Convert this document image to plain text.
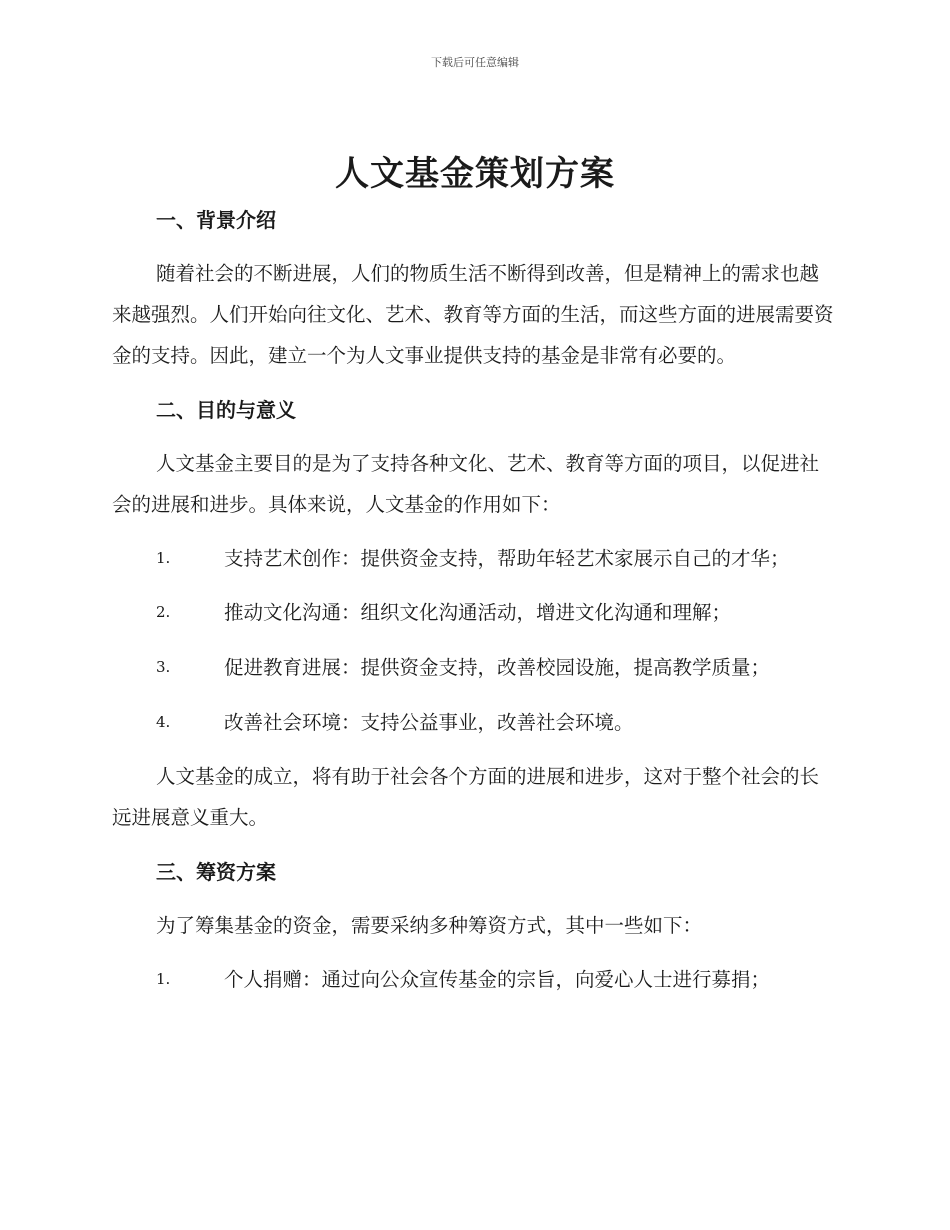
下载后可任意编辑
人文基金策划方案
一、背景介绍

随着社会的不断进展，人们的物质生活不断得到改善，但是精神上的需求也越来越强烈。人们开始向往文化、艺术、教育等方面的生活，而这些方面的进展需要资金的支持。因此，建立一个为人文事业提供支持的基金是非常有必要的。

二、目的与意义

人文基金主要目的是为了支持各种文化、艺术、教育等方面的项目，以促进社会的进展和进步。具体来说，人文基金的作用如下：

1.	支持艺术创作：提供资金支持，帮助年轻艺术家展示自己的才华；

2.	推动文化沟通：组织文化沟通活动，增进文化沟通和理解；

3.	促进教育进展：提供资金支持，改善校园设施，提高教学质量；

4.	改善社会环境：支持公益事业，改善社会环境。

人文基金的成立，将有助于社会各个方面的进展和进步，这对于整个社会的长远进展意义重大。

三、筹资方案

为了筹集基金的资金，需要采纳多种筹资方式，其中一些如下：

1.	个人捐赠：通过向公众宣传基金的宗旨，向爱心人士进行募捐；
